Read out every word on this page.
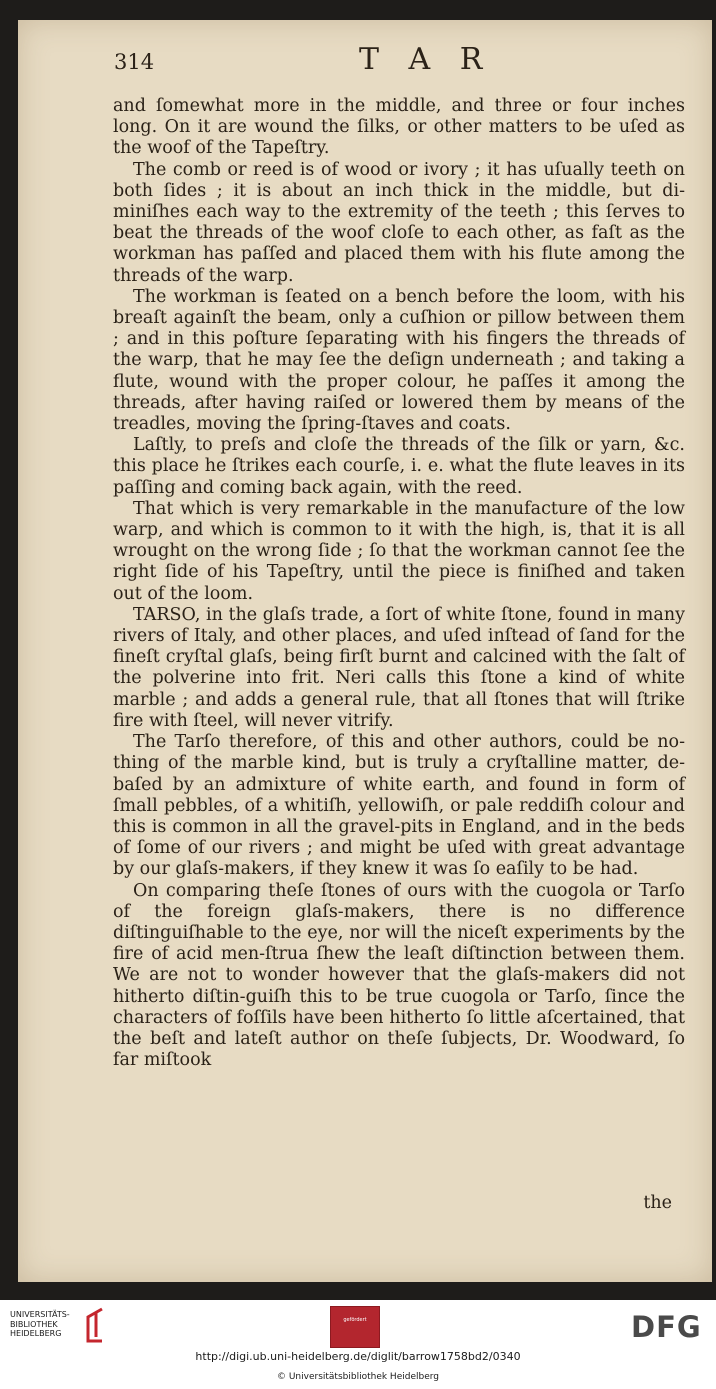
314	T A R

and ſomewhat more in the middle, and three or four inches long. On it are wound the ſilks, or other matters to be uſed as the woof of the Tapeſtry.

The comb or reed is of wood or ivory ; it has uſually teeth on both ſides ; it is about an inch thick in the middle, but di-miniſhes each way to the extremity of the teeth ; this ſerves to beat the threads of the woof cloſe to each other, as faſt as the workman has paſſed and placed them with his flute among the threads of the warp.

The workman is ſeated on a bench before the loom, with his breaſt againſt the beam, only a cuſhion or pillow between them ; and in this poſture ſeparating with his fingers the threads of the warp, that he may ſee the deſign underneath ; and taking a flute, wound with the proper colour, he paſſes it among the threads, after having raiſed or lowered them by means of the treadles, moving the ſpring-ſtaves and coats.

Laſtly, to preſs and cloſe the threads of the ſilk or yarn, &c. this place he ſtrikes each courſe, i. e. what the flute leaves in its paſſing and coming back again, with the reed.

That which is very remarkable in the manufacture of the low warp, and which is common to it with the high, is, that it is all wrought on the wrong ſide ; ſo that the workman cannot ſee the right ſide of his Tapeſtry, until the piece is finiſhed and taken out of the loom.

TARSO, in the glaſs trade, a ſort of white ſtone, found in many rivers of Italy, and other places, and uſed inſtead of ſand for the fineſt cryſtal glaſs, being firſt burnt and calcined with the ſalt of the polverine into frit. Neri calls this ſtone a kind of white marble ; and adds a general rule, that all ſtones that will ſtrike fire with ſteel, will never vitrify.

The Tarſo therefore, of this and other authors, could be no-thing of the marble kind, but is truly a cryſtalline matter, de-baſed by an admixture of white earth, and found in form of ſmall pebbles, of a whitiſh, yellowiſh, or pale reddiſh colour and this is common in all the gravel-pits in England, and in the beds of ſome of our rivers ; and might be uſed with great advantage by our glaſs-makers, if they knew it was ſo eaſily to be had.

On comparing theſe ſtones of ours with the cuogola or Tarſo of the foreign glaſs-makers, there is no difference diſtinguiſhable to the eye, nor will the niceſt experiments by the fire of acid men-ſtrua ſhew the leaſt diſtinction between them. We are not to wonder however that the glaſs-makers did not hitherto diſtin-guiſh this to be true cuogola or Tarſo, ſince the characters of foſſils have been hitherto ſo little aſcertained, that the beſt and lateſt author on theſe ſubjects, Dr. Woodward, ſo far miſtook

the
UNIVERSITÄTS-
BIBLIOTHEK
HEIDELBERG
gefördert	DFG
http://digi.ub.uni-heidelberg.de/diglit/barrow1758bd2/0340
© Universitätsbibliothek Heidelberg
